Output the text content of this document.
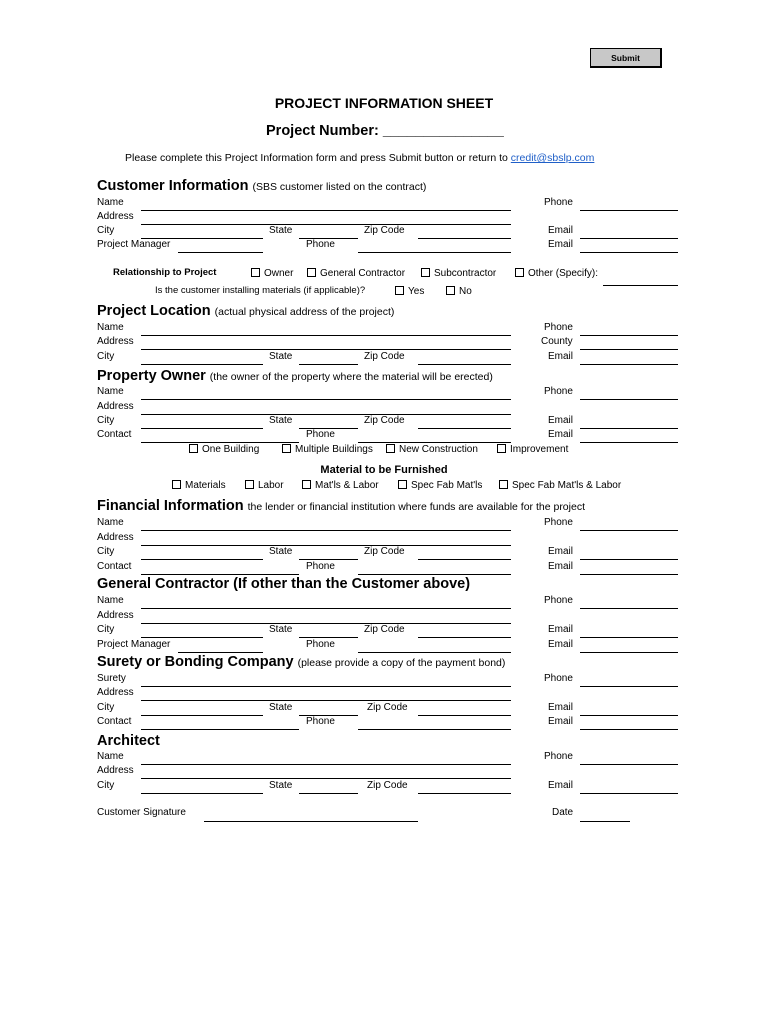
Submit
PROJECT INFORMATION SHEET
Project Number: _______________
Please complete this Project Information form and press Submit button or return to credit@sbslp.com
Customer Information (SBS customer listed on the contract)
Name	Phone
Address
City	State	Zip Code	Email
Project Manager	Phone	Email
Relationship to Project	Owner	General Contractor	Subcontractor	Other (Specify):
Is the customer installing materials (if applicable)?	Yes	No
Project Location (actual physical address of the project)
Name	Phone
Address	County
City	State	Zip Code	Email
Property Owner (the owner of the property where the material will be erected)
Name	Phone
Address
City	State	Zip Code	Email
Contact	Phone	Email
One Building	Multiple Buildings	New Construction	Improvement
Material to be Furnished
Materials	Labor	Mat'ls & Labor	Spec Fab Mat'ls	Spec Fab Mat'ls & Labor
Financial Information the lender or financial institution where funds are available for the project
Name	Phone
Address
City	State	Zip Code	Email
Contact	Phone	Email
General Contractor (If other than the Customer above)
Name	Phone
Address
City	State	Zip Code	Email
Project Manager	Phone	Email
Surety or Bonding Company (please provide a copy of the payment bond)
Surety	Phone
Address
City	State	Zip Code	Email
Contact	Phone	Email
Architect
Name	Phone
Address
City	State	Zip Code	Email
Customer Signature	Date
